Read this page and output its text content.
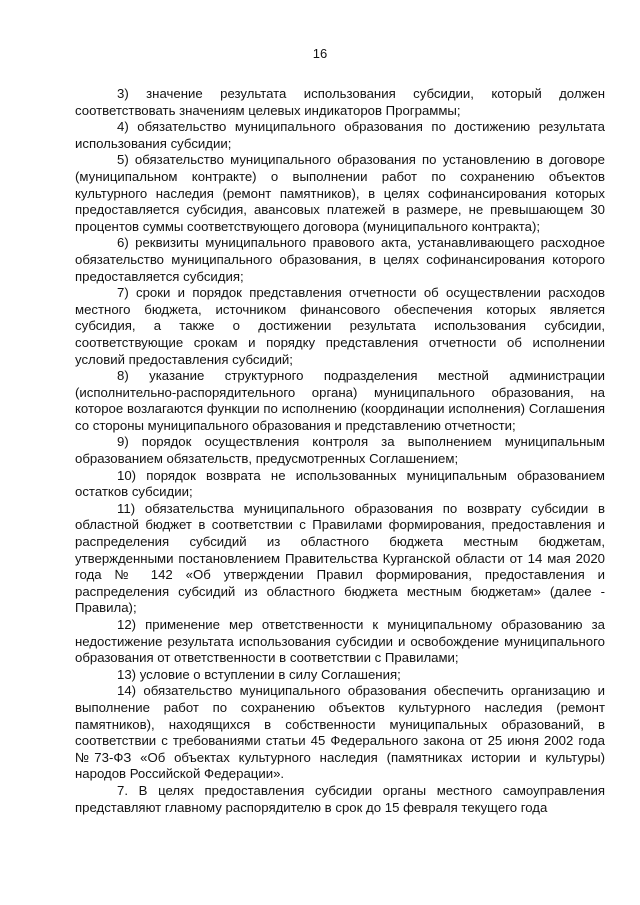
16

3) значение результата использования субсидии, который должен соответствовать значениям целевых индикаторов Программы;

4) обязательство муниципального образования по достижению результата использования субсидии;

5) обязательство муниципального образования по установлению в договоре (муниципальном контракте) о выполнении работ по сохранению объектов культурного наследия (ремонт памятников), в целях софинансирования которых предоставляется субсидия, авансовых платежей в размере, не превышающем 30 процентов суммы соответствующего договора (муниципального контракта);

6) реквизиты муниципального правового акта, устанавливающего расходное обязательство муниципального образования, в целях софинансирования которого предоставляется субсидия;

7) сроки и порядок представления отчетности об осуществлении расходов местного бюджета, источником финансового обеспечения которых является субсидия, а также о достижении результата использования субсидии, соответствующие срокам и порядку представления отчетности об исполнении условий предоставления субсидий;

8) указание структурного подразделения местной администрации (исполнительно-распорядительного органа) муниципального образования, на которое возлагаются функции по исполнению (координации исполнения) Соглашения со стороны муниципального образования и представлению отчетности;

9) порядок осуществления контроля за выполнением муниципальным образованием обязательств, предусмотренных Соглашением;

10) порядок возврата не использованных муниципальным образованием остатков субсидии;

11) обязательства муниципального образования по возврату субсидии в областной бюджет в соответствии с Правилами формирования, предоставления и распределения субсидий из областного бюджета местным бюджетам, утвержденными постановлением Правительства Курганской области от 14 мая 2020 года № 142 «Об утверждении Правил формирования, предоставления и распределения субсидий из областного бюджета местным бюджетам» (далее - Правила);

12) применение мер ответственности к муниципальному образованию за недостижение результата использования субсидии и освобождение муниципального образования от ответственности в соответствии с Правилами;

13) условие о вступлении в силу Соглашения;

14) обязательство муниципального образования обеспечить организацию и выполнение работ по сохранению объектов культурного наследия (ремонт памятников), находящихся в собственности муниципальных образований, в соответствии с требованиями статьи 45 Федерального закона от 25 июня 2002 года №73-ФЗ «Об объектах культурного наследия (памятниках истории и культуры) народов Российской Федерации».

7. В целях предоставления субсидии органы местного самоуправления представляют главному распорядителю в срок до 15 февраля текущего года
